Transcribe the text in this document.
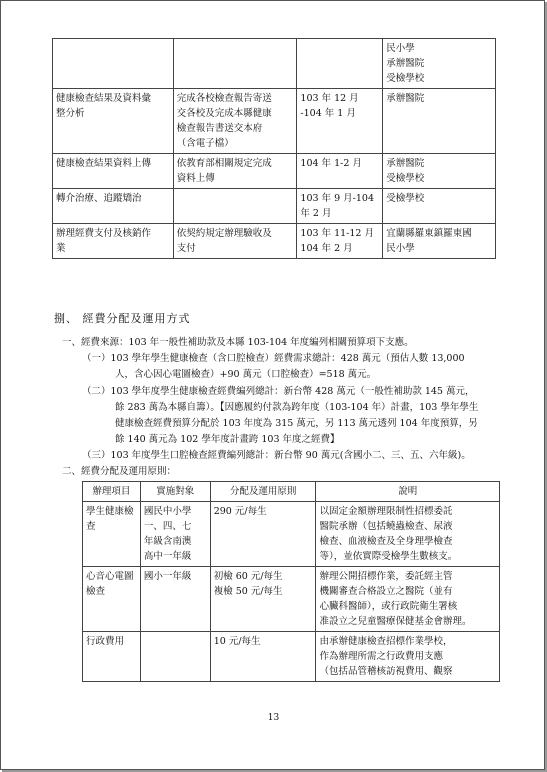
			民小學
承辦醫院
受檢學校

健康檢查結果及資料彙
整分析	完成各校檢查報告寄送
交各校及完成本縣健康
檢查報告書送交本府
（含電子檔）	103 年 12 月
-104 年 1 月	承辦醫院

健康檢查結果資料上傳	依教育部相關規定完成
資料上傳	104 年 1-2 月	承辦醫院
受檢學校

轉介治療、追蹤矯治		103 年 9 月-104
年 2 月	受檢學校

辦理經費支付及核銷作
業	依契約規定辦理驗收及
支付	103 年 11-12 月
104 年 2 月	宜蘭縣羅東鎮羅東國
民小學
捌、 經費分配及運用方式
一、經費來源：103 年一般性補助款及本縣 103-104 年度編列相關預算項下支應。
（一）103 學年學生健康檢查（含口腔檢查）經費需求總計：428 萬元（預估人數 13,000
人，含心因心電圖檢查）+90 萬元（口腔檢查）=518 萬元。
（二）103 學年度學生健康檢查經費編列總計：新台幣 428 萬元（一般性補助款 145 萬元，
餘 283 萬為本縣自籌）。【因應履約付款為跨年度（103-104 年）計畫，103 學年學生
健康檢查經費預算分配於 103 年度為 315 萬元，另 113 萬元透列 104 年度預算，另
餘 140 萬元為 102 學年度計畫跨 103 年度之經費】
（三）103 年度學生口腔檢查經費編列總計：新台幣 90 萬元(含國小二、三、五、六年級)。
二、經費分配及運用原則：
辦理項目	實施對象	分配及運用原則	說明

學生健康檢
查	國民中小學
一、四、七
年級含南澳
高中一年級	290 元/每生	以固定金額辦理限制性招標委託
醫院承辦（包括蟯蟲檢查、尿液
檢查、血液檢查及全身理學檢查
等），並依實際受檢學生數核支。

心音心電圖
檢查	國小一年級	初檢 60 元/每生
複檢 50 元/每生	辦理公開招標作業，委託經主管
機關審查合格設立之醫院（並有
心臟科醫師），或行政院衛生署核
准設立之兒童醫療保健基金會辦理。

行政費用		10 元/每生	由承辦健康檢查招標作業學校，
作為辦理所需之行政費用支應
（包括品管稽核訪視費用、觀察
13
